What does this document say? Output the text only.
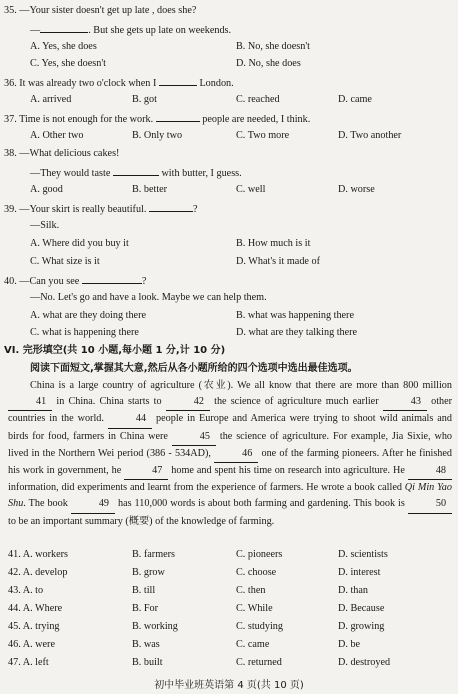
35. —Your sister doesn't get up late , does she?
—	. But she gets up late on weekends.
A. Yes, she does	B. No, she doesn't
C. Yes, she doesn't	D. No, she does
36. It was already two o'clock when I	London.
A. arrived	B. got	C. reached	D. came
37. Time is not enough for the work.	people are needed, I think.
A. Other two	B. Only two	C. Two more	D. Two another
38. —What delicious cakes!
—They would taste	with butter, I guess.
A. good	B. better	C. well	D. worse
39. —Your skirt is really beautiful.	?
—Silk.
A. Where did you buy it	B. How much is it
C. What size is it	D. What's it made of
40. —Can you see	?
—No. Let's go and have a look. Maybe we can help them.
A. what are they doing there	B. what was happening there
C. what is happening there	D. what are they talking there
VI. 完形填空(共 10 小题,每小题 1 分,计 10 分)
阅读下面短文,掌握其大意,然后从各小题所给的四个选项中选出最佳选项。
China is a large country of agriculture (农业). We all know that there are more than 800 million 41 in China. China starts to	42 the science of agriculture much earlier	43 other countries in the world.	44 people in Europe and America were trying to shoot wild animals and birds for food, farmers in China were	45 the science of agriculture. For example, Jia Sixie, who lived in the Northern Wei period (386 - 534AD),	46 one of the farming pioneers. After he finished his work in government, he	47 home and spent his time on research into agriculture. He	48 information, did experiments and learnt from the experience of farmers. He wrote a book called Qi Min Yao Shu. The book	49 has 110,000 words is about both farming and gardening. This book is	50 to be an important summary (概要) of the knowledge of farming.
41. A. workers	B. farmers	C. pioneers	D. scientists
42. A. develop	B. grow	C. choose	D. interest
43. A. to	B. till	C. then	D. than
44. A. Where	B. For	C. While	D. Because
45. A. trying	B. working	C. studying	D. growing
46. A. were	B. was	C. came	D. be
47. A. left	B. built	C. returned	D. destroyed
初中毕业班英语第 4 页(共 10 页)
